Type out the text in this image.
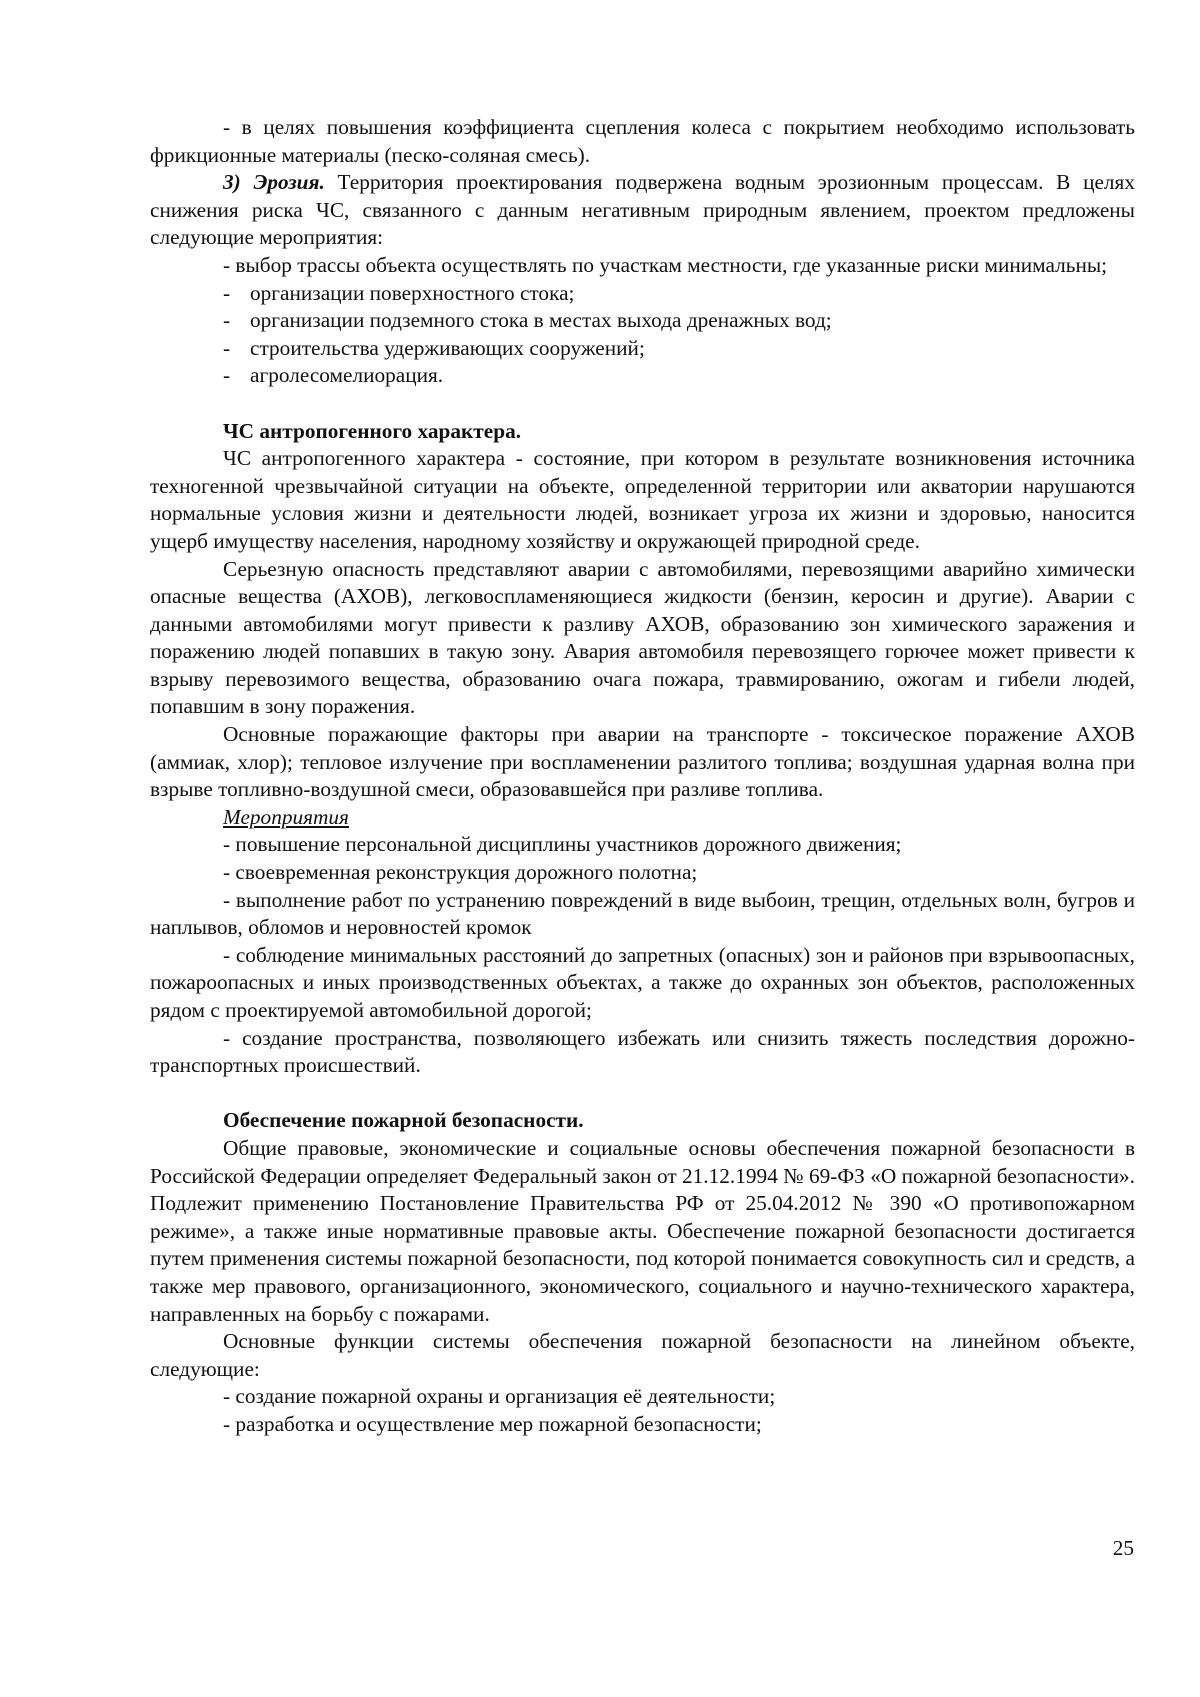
- в целях повышения коэффициента сцепления колеса с покрытием необходимо использовать фрикционные материалы (песко-соляная смесь).

3) Эрозия. Территория проектирования подвержена водным эрозионным процессам. В целях снижения риска ЧС, связанного с данным негативным природным явлением, проектом предложены следующие мероприятия:

- выбор трассы объекта осуществлять по участкам местности, где указанные риски минимальны;

- организации поверхностного стока;

- организации подземного стока в местах выхода дренажных вод;

- строительства удерживающих сооружений;

- агролесомелиорация.

ЧС антропогенного характера.

ЧС антропогенного характера - состояние, при котором в результате возникновения источника техногенной чрезвычайной ситуации на объекте, определенной территории или акватории нарушаются нормальные условия жизни и деятельности людей, возникает угроза их жизни и здоровью, наносится ущерб имуществу населения, народному хозяйству и окружающей природной среде.

Серьезную опасность представляют аварии с автомобилями, перевозящими аварийно химически опасные вещества (АХОВ), легковоспламеняющиеся жидкости (бензин, керосин и другие). Аварии с данными автомобилями могут привести к разливу АХОВ, образованию зон химического заражения и поражению людей попавших в такую зону. Авария автомобиля перевозящего горючее может привести к взрыву перевозимого вещества, образованию очага пожара, травмированию, ожогам и гибели людей, попавшим в зону поражения.

Основные поражающие факторы при аварии на транспорте - токсическое поражение АХОВ (аммиак, хлор); тепловое излучение при воспламенении разлитого топлива; воздушная ударная волна при взрыве топливно-воздушной смеси, образовавшейся при разливе топлива.

Мероприятия

- повышение персональной дисциплины участников дорожного движения;

- своевременная реконструкция дорожного полотна;

- выполнение работ по устранению повреждений в виде выбоин, трещин, отдельных волн, бугров и наплывов, обломов и неровностей кромок

- соблюдение минимальных расстояний до запретных (опасных) зон и районов при взрывоопасных, пожароопасных и иных производственных объектах, а также до охранных зон объектов, расположенных рядом с проектируемой автомобильной дорогой;

- создание пространства, позволяющего избежать или снизить тяжесть последствия дорожно-транспортных происшествий.

Обеспечение пожарной безопасности.

Общие правовые, экономические и социальные основы обеспечения пожарной безопасности в Российской Федерации определяет Федеральный закон от 21.12.1994 № 69-ФЗ «О пожарной безопасности». Подлежит применению Постановление Правительства РФ от 25.04.2012 № 390 «О противопожарном режиме», а также иные нормативные правовые акты. Обеспечение пожарной безопасности достигается путем применения системы пожарной безопасности, под которой понимается совокупность сил и средств, а также мер правового, организационного, экономического, социального и научно-технического характера, направленных на борьбу с пожарами.

Основные функции системы обеспечения пожарной безопасности на линейном объекте, следующие:

- создание пожарной охраны и организация её деятельности;

- разработка и осуществление мер пожарной безопасности;

25
